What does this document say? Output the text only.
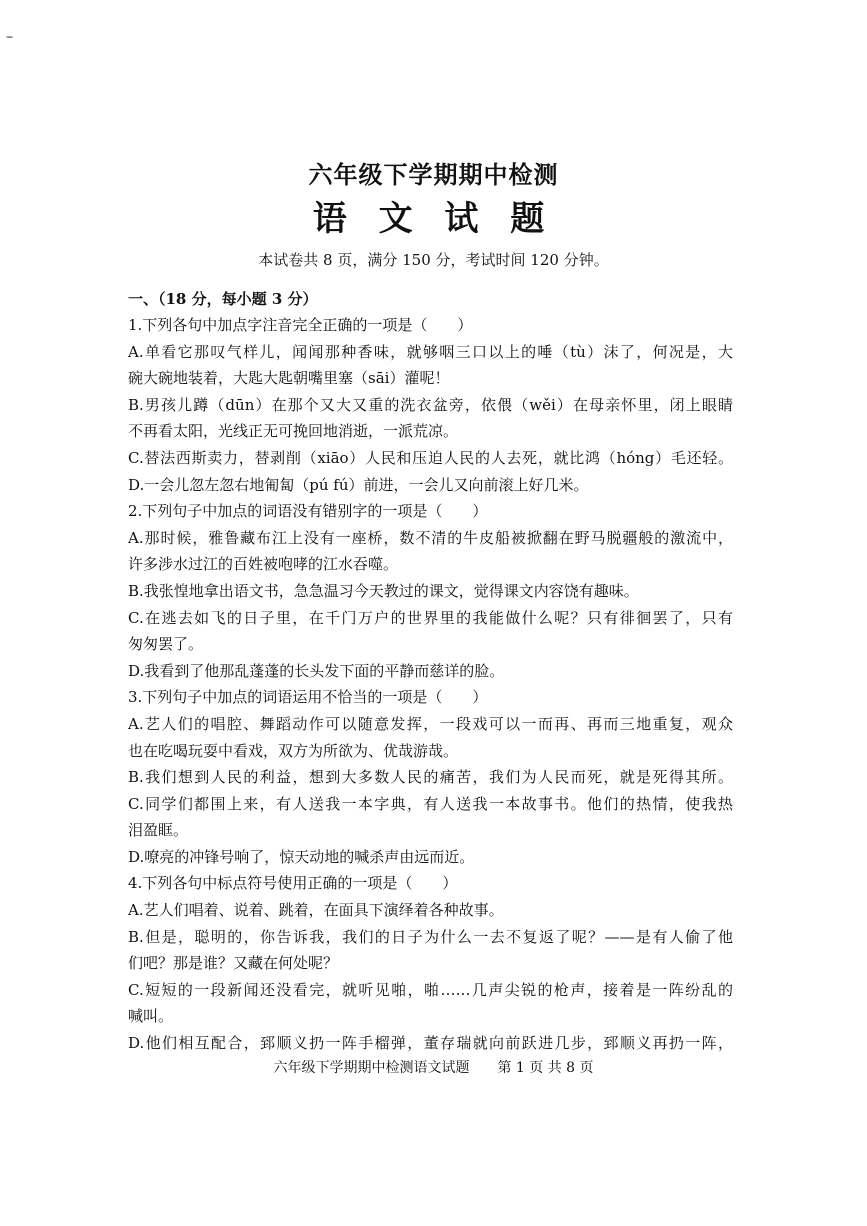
–
六年级下学期期中检测
语 文 试 题
本试卷共 8 页，满分 150 分，考试时间 120 分钟。
一、（18 分，每小题 3 分）
1.下列各句中加点字注音完全正确的一项是（　　）
A.单看它那叹气样儿，闻闻那种香味，就够咽三口以上的唾（tù）沫了，何况是，大
碗大碗地装着，大匙大匙朝嘴里塞（sāi）灌呢！
B.男孩儿蹲（dūn）在那个又大又重的洗衣盆旁，依偎（wěi）在母亲怀里，闭上眼睛
不再看太阳，光线正无可挽回地消逝，一派荒凉。
C.替法西斯卖力，替剥削（xiāo）人民和压迫人民的人去死，就比鸿（hóng）毛还轻。
D.一会儿忽左忽右地匍匐（pú fú）前进，一会儿又向前滚上好几米。
2.下列句子中加点的词语没有错别字的一项是（　　）
A.那时候，雅鲁藏布江上没有一座桥，数不清的牛皮船被掀翻在野马脱疆般的激流中，
许多涉水过江的百姓被咆哮的江水吞噬。
B.我张惶地拿出语文书，急急温习今天教过的课文，觉得课文内容饶有趣味。
C.在逃去如飞的日子里，在千门万户的世界里的我能做什么呢？只有徘徊罢了，只有
匆匆罢了。
D.我看到了他那乱蓬蓬的长头发下面的平静而慈详的脸。
3.下列句子中加点的词语运用不恰当的一项是（　　）
A.艺人们的唱腔、舞蹈动作可以随意发挥，一段戏可以一而再、再而三地重复，观众
也在吃喝玩耍中看戏，双方为所欲为、优哉游哉。
B.我们想到人民的利益，想到大多数人民的痛苦，我们为人民而死，就是死得其所。
C.同学们都围上来，有人送我一本字典，有人送我一本故事书。他们的热情，使我热
泪盈眶。
D.嘹亮的冲锋号响了，惊天动地的喊杀声由远而近。
4.下列各句中标点符号使用正确的一项是（　　）
A.艺人们唱着、说着、跳着，在面具下演绎着各种故事。
B.但是，聪明的，你告诉我，我们的日子为什么一去不复返了呢？——是有人偷了他
们吧？那是谁？又藏在何处呢？
C.短短的一段新闻还没看完，就听见啪，啪……几声尖锐的枪声，接着是一阵纷乱的
喊叫。
D.他们相互配合，郅顺义扔一阵手榴弹，董存瑞就向前跃进几步，郅顺义再扔一阵，
六年级下学期期中检测语文试题　　第 1 页 共 8 页
